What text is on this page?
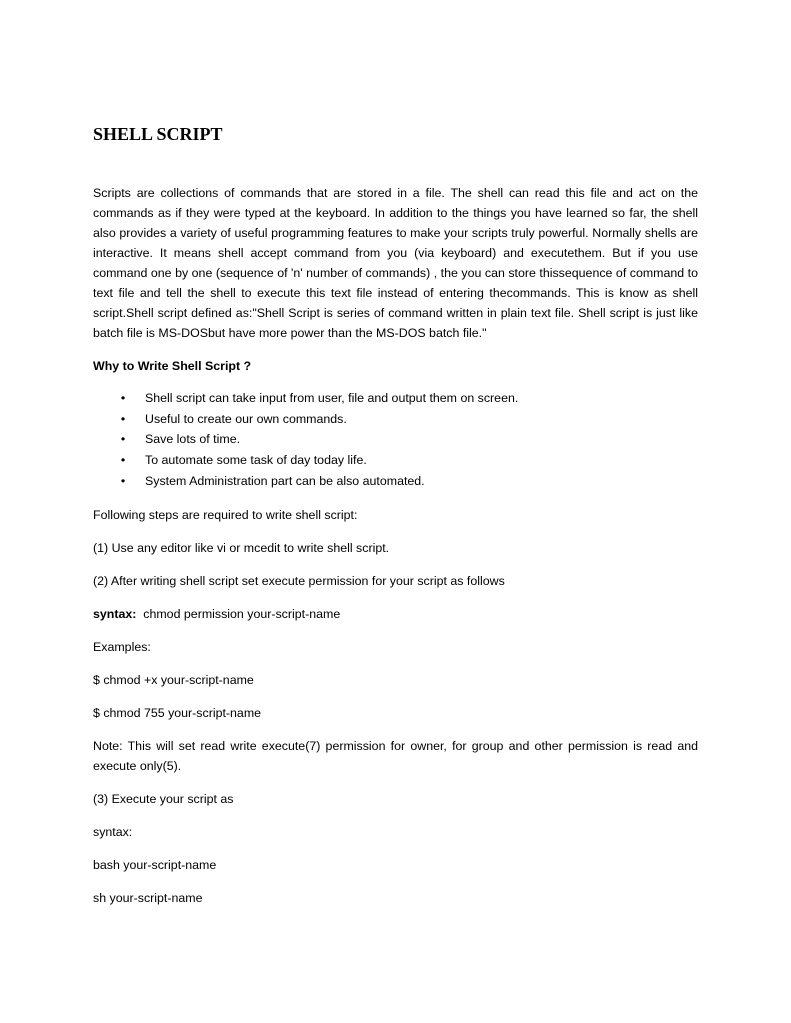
SHELL SCRIPT

Scripts are collections of commands that are stored in a file. The shell can read this file and act on the commands as if they were typed at the keyboard. In addition to the things you have learned so far, the shell also provides a variety of useful programming features to make your scripts truly powerful. Normally shells are interactive. It means shell accept command from you (via keyboard) and executethem. But if you use command one by one (sequence of 'n' number of commands) , the you can store thissequence of command to text file and tell the shell to execute this text file instead of entering thecommands. This is know as shell script.Shell script defined as:"Shell Script is series of command written in plain text file. Shell script is just like batch file is MS-DOSbut have more power than the MS-DOS batch file."

Why to Write Shell Script ?

• Shell script can take input from user, file and output them on screen.
• Useful to create our own commands.
• Save lots of time.
• To automate some task of day today life.
• System Administration part can be also automated.

Following steps are required to write shell script:

(1) Use any editor like vi or mcedit to write shell script.

(2) After writing shell script set execute permission for your script as follows

syntax:  chmod permission your-script-name

Examples:

$ chmod +x your-script-name

$ chmod 755 your-script-name

Note: This will set read write execute(7) permission for owner, for group and other permission is read and execute only(5).

(3) Execute your script as

syntax:

bash your-script-name

sh your-script-name
